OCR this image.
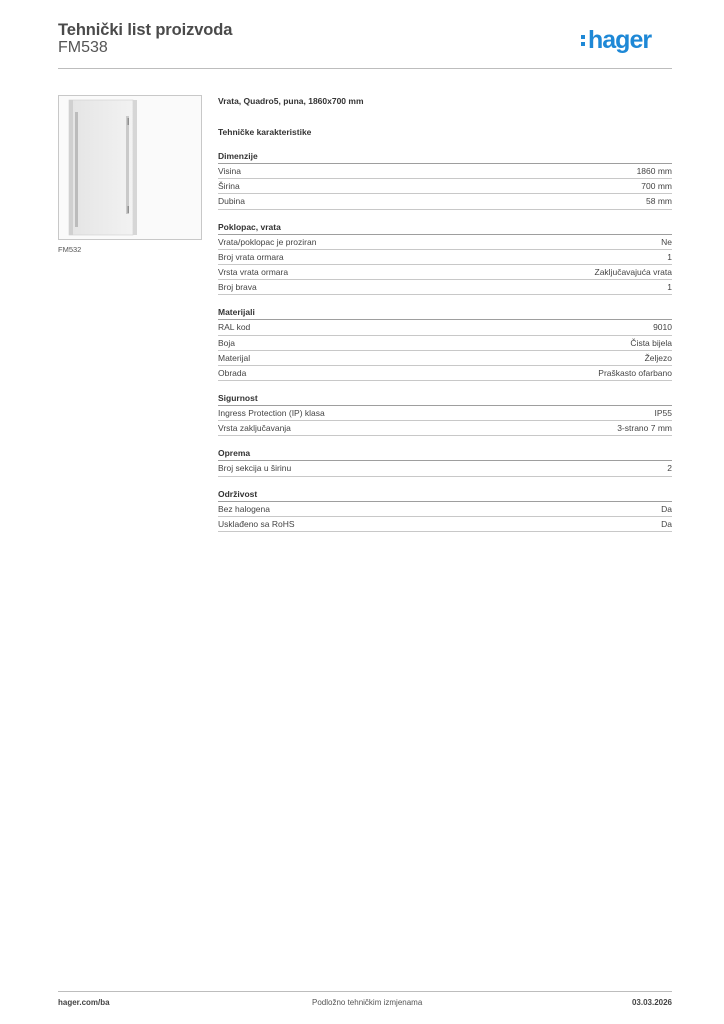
Tehnički list proizvoda
FM538	hager
FM532
Vrata, Quadro5, puna, 1860x700 mm
Tehničke karakteristike
Dimenzije
Visina	1860 mm
Širina	700 mm
Dubina	58 mm
Poklopac, vrata
Vrata/poklopac je proziran	Ne
Broj vrata ormara	1
Vrsta vrata ormara	Zaključavajuća vrata
Broj brava	1
Materijali
RAL kod	9010
Boja	Čista bijela
Materijal	Željezo
Obrada	Praškasto ofarbano
Sigurnost
Ingress Protection (IP) klasa	IP55
Vrsta zaključavanja	3-strano 7 mm
Oprema
Broj sekcija u širinu	2
Održivost
Bez halogena	Da
Usklađeno sa RoHS	Da
hager.com/ba	Podložno tehničkim izmjenama	03.03.2026
